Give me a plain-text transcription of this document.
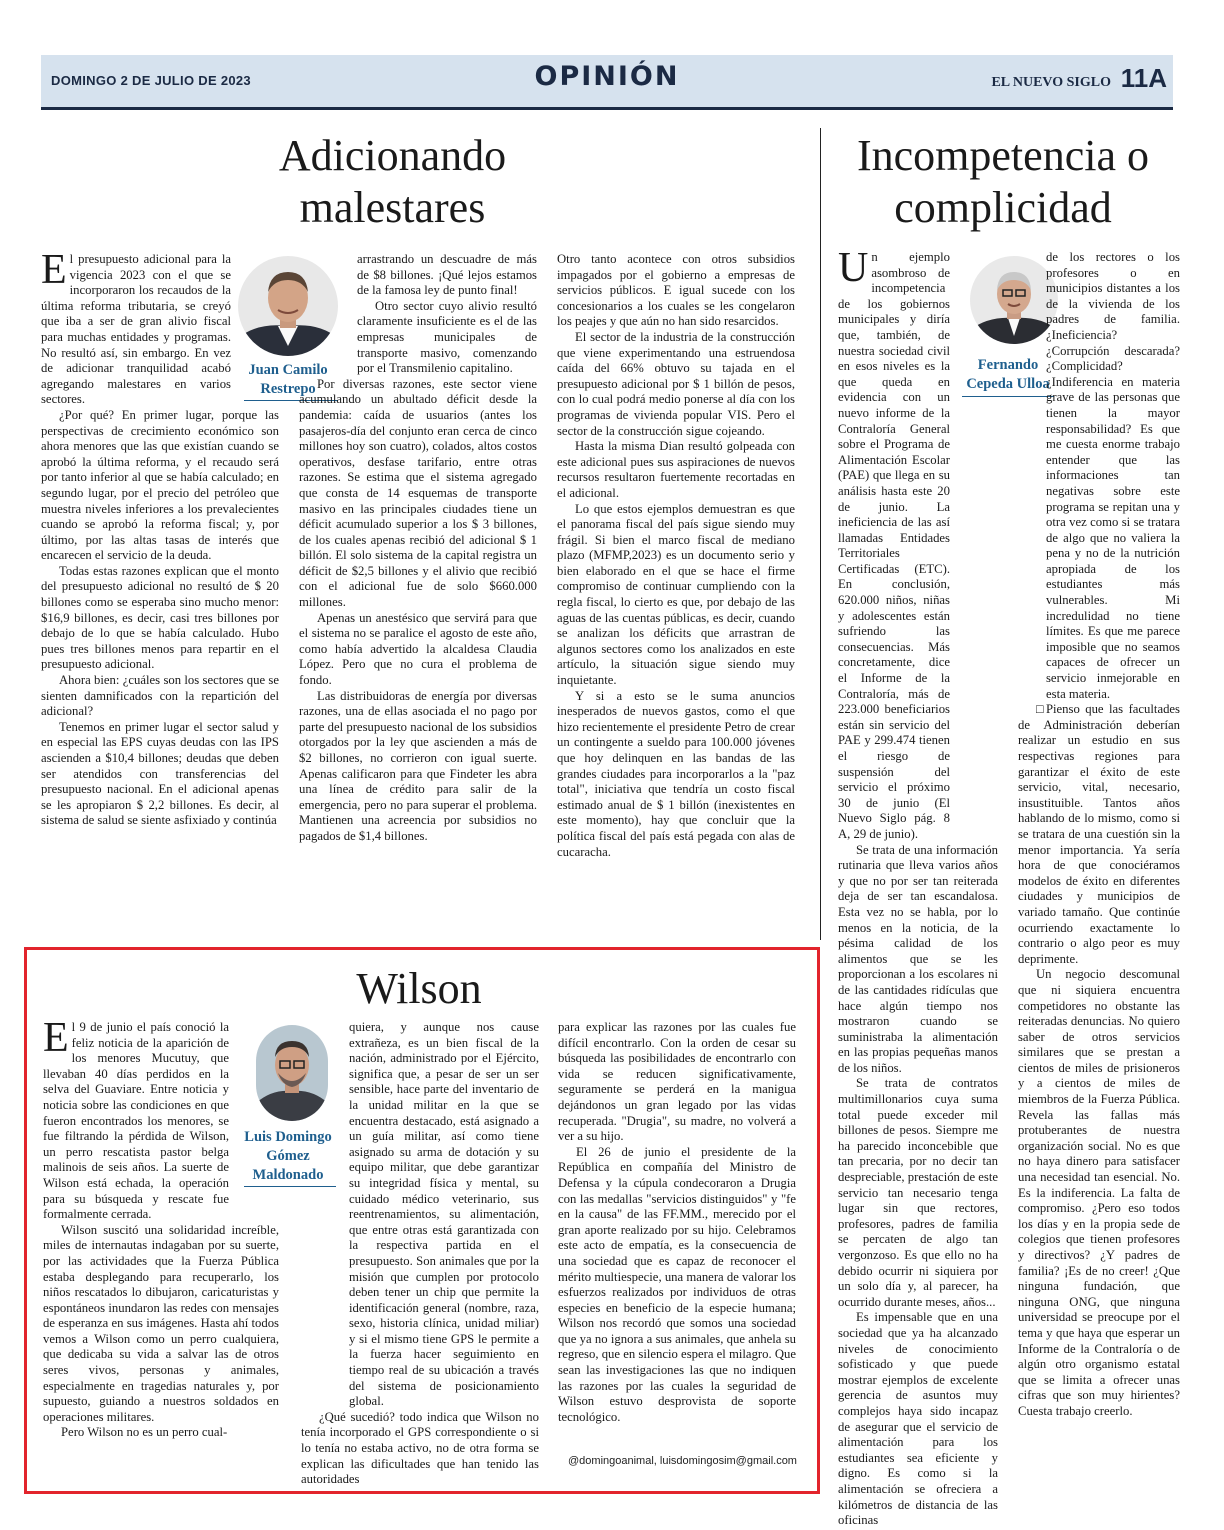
DOMINGO 2 DE JULIO DE 2023	OPINIÓN	EL NUEVO SIGLO 11A
Adicionando malestares
Juan Camilo Restrepo
E l presupuesto adicional para la vigencia 2023 con el que se incorporaron los recaudos de la última reforma tributaria, se creyó que iba a ser de gran alivio fiscal para muchas entidades y programas. No resultó así, sin embargo. En vez de adicionar tranquilidad acabó agregando malestares en varios sectores.

¿Por qué? En primer lugar, porque las perspectivas de crecimiento económico son ahora menores que las que existían cuando se aprobó la última reforma, y el recaudo será por tanto inferior al que se había calculado; en segundo lugar, por el precio del petróleo que muestra niveles inferiores a los prevalecientes cuando se aprobó la reforma fiscal; y, por último, por las altas tasas de interés que encarecen el servicio de la deuda.

Todas estas razones explican que el monto del presupuesto adicional no resultó de $ 20 billones como se esperaba sino mucho menor: $16,9 billones, es decir, casi tres billones por debajo de lo que se había calculado. Hubo pues tres billones menos para repartir en el presupuesto adicional.

Ahora bien: ¿cuáles son los sectores que se sienten damnificados con la repartición del adicional?

Tenemos en primer lugar el sector salud y en especial las EPS cuyas deudas con las IPS ascienden a $10,4 billones; deudas que deben ser atendidos con transferencias del presupuesto nacional. En el adicional apenas se les apropiaron $ 2,2 billones. Es decir, al sistema de salud se siente asfixiado y continúa

arrastrando un descuadre de más de $8 billones. ¡Qué lejos estamos de la famosa ley de punto final!

Otro sector cuyo alivio resultó claramente insuficiente es el de las empresas municipales de transporte masivo, comenzando por el Transmilenio capitalino.

Por diversas razones, este sector viene acumulando un abultado déficit desde la pandemia: caída de usuarios (antes los pasajeros-día del conjunto eran cerca de cinco millones hoy son cuatro), colados, altos costos operativos, desfase tarifario, entre otras razones. Se estima que el sistema agregado que consta de 14 esquemas de transporte masivo en las principales ciudades tiene un déficit acumulado superior a los $ 3 billones, de los cuales apenas recibió del adicional $ 1 billón. El solo sistema de la capital registra un déficit de $2,5 billones y el alivio que recibió con el adicional fue de solo $660.000 millones.

Apenas un anestésico que servirá para que el sistema no se paralice el agosto de este año, como había advertido la alcaldesa Claudia López. Pero que no cura el problema de fondo.

Las distribuidoras de energía por diversas razones, una de ellas asociada el no pago por parte del presupuesto nacional de los subsidios otorgados por la ley que ascienden a más de $2 billones, no corrieron con igual suerte. Apenas calificaron para que Findeter les abra una línea de crédito para salir de la emergencia, pero no para superar el problema. Mantienen una acreencia por subsidios no pagados de $1,4 billones.

Otro tanto acontece con otros subsidios impagados por el gobierno a empresas de servicios públicos. E igual sucede con los concesionarios a los cuales se les congelaron los peajes y que aún no han sido resarcidos.

El sector de la industria de la construcción que viene experimentando una estruendosa caída del 66% obtuvo su tajada en el presupuesto adicional por $ 1 billón de pesos, con lo cual podrá medio ponerse al día con los programas de vivienda popular VIS. Pero el sector de la construcción sigue cojeando.

Hasta la misma Dian resultó golpeada con este adicional pues sus aspiraciones de nuevos recursos resultaron fuertemente recortadas en el adicional.

Lo que estos ejemplos demuestran es que el panorama fiscal del país sigue siendo muy frágil. Si bien el marco fiscal de mediano plazo (MFMP,2023) es un documento serio y bien elaborado en el que se hace el firme compromiso de continuar cumpliendo con la regla fiscal, lo cierto es que, por debajo de las aguas de las cuentas públicas, es decir, cuando se analizan los déficits que arrastran de algunos sectores como los analizados en este artículo, la situación sigue siendo muy inquietante.

Y si a esto se le suma anuncios inesperados de nuevos gastos, como el que hizo recientemente el presidente Petro de crear un contingente a sueldo para 100.000 jóvenes que hoy delinquen en las bandas de las grandes ciudades para incorporarlos a la "paz total", iniciativa que tendría un costo fiscal estimado anual de $ 1 billón (inexistentes en este momento), hay que concluir que la política fiscal del país está pegada con alas de cucaracha.

Incompetencia o complicidad
Fernando Cepeda Ulloa
U n ejemplo asombroso de incompetencia de los gobiernos municipales y diría que, también, de nuestra sociedad civil en esos niveles es la que queda en evidencia con un nuevo informe de la Contraloría General sobre el Programa de Alimentación Escolar (PAE) que llega en su análisis hasta este 20 de junio. La ineficiencia de las así llamadas Entidades Territoriales Certificadas (ETC). En conclusión, 620.000 niños, niñas y adolescentes están sufriendo las consecuencias. Más concretamente, dice el Informe de la Contraloría, más de 223.000 beneficiarios están sin servicio del PAE y 299.474 tienen el riesgo de suspensión del servicio el próximo 30 de junio (El Nuevo Siglo pág. 8 A, 29 de junio).

Se trata de una información rutinaria que lleva varios años y que no por ser tan reiterada deja de ser tan escandalosa. Esta vez no se habla, por lo menos en la noticia, de la pésima calidad de los alimentos que se les proporcionan a los escolares ni de las cantidades ridículas que hace algún tiempo nos mostraron cuando se suministraba la alimentación en las propias pequeñas manos de los niños.

Se trata de contratos multimillonarios cuya suma total puede exceder mil billones de pesos. Siempre me ha parecido inconcebible que tan precaria, por no decir tan despreciable, prestación de este servicio tan necesario tenga lugar sin que rectores, profesores, padres de familia se percaten de algo tan vergonzoso. Es que ello no ha debido ocurrir ni siquiera por un solo día y, al parecer, ha ocurrido durante meses, años...

Es impensable que en una sociedad que ya ha alcanzado niveles de conocimiento sofisticado y que puede mostrar ejemplos de excelente gerencia de asuntos muy complejos haya sido incapaz de asegurar que el servicio de alimentación para los estudiantes sea eficiente y digno. Es como si la alimentación se ofreciera a kilómetros de distancia de las oficinas

de los rectores o los profesores o en municipios distantes a los de la vivienda de los padres de familia. ¿Ineficiencia? ¿Corrupción descarada? ¿Complicidad? ¿Indiferencia en materia grave de las personas que tienen la mayor responsabilidad? Es que me cuesta enorme trabajo entender que las informaciones tan negativas sobre este programa se repitan una y otra vez como si se tratara de algo que no valiera la pena y no de la nutrición apropiada de los estudiantes más vulnerables. Mi incredulidad no tiene límites. Es que me parece imposible que no seamos capaces de ofrecer un servicio inmejorable en esta materia.

□Pienso que las facultades de Administración deberían realizar un estudio en sus respectivas regiones para garantizar el éxito de este servicio, vital, necesario, insustituible. Tantos años hablando de lo mismo, como si se tratara de una cuestión sin la menor importancia. Ya sería hora de que conociéramos modelos de éxito en diferentes ciudades y municipios de variado tamaño. Que continúe ocurriendo exactamente lo contrario o algo peor es muy deprimente.

Un negocio descomunal que ni siquiera encuentra competidores no obstante las reiteradas denuncias. No quiero saber de otros servicios similares que se prestan a cientos de miles de prisioneros y a cientos de miles de miembros de la Fuerza Pública. Revela las fallas más protuberantes de nuestra organización social. No es que no haya dinero para satisfacer una necesidad tan esencial. No. Es la indiferencia. La falta de compromiso. ¿Pero eso todos los días y en la propia sede de colegios que tienen profesores y directivos? ¿Y padres de familia? ¡Es de no creer! ¿Que ninguna fundación, que ninguna ONG, que ninguna universidad se preocupe por el tema y que haya que esperar un Informe de la Contraloría o de algún otro organismo estatal que se limita a ofrecer unas cifras que son muy hirientes? Cuesta trabajo creerlo.

Wilson
Luis Domingo Gómez Maldonado
E l 9 de junio el país conoció la feliz noticia de la aparición de los menores Mucutuy, que llevaban 40 días perdidos en la selva del Guaviare. Entre noticia y noticia sobre las condiciones en que fueron encontrados los menores, se fue filtrando la pérdida de Wilson, un perro rescatista pastor belga malinois de seis años. La suerte de Wilson está echada, la operación para su búsqueda y rescate fue formalmente cerrada.

Wilson suscitó una solidaridad increíble, miles de internautas indagaban por su suerte, por las actividades que la Fuerza Pública estaba desplegando para recuperarlo, los niños rescatados lo dibujaron, caricaturistas y espontáneos inundaron las redes con mensajes de esperanza en sus imágenes. Hasta ahí todos vemos a Wilson como un perro cualquiera, que dedicaba su vida a salvar las de otros seres vivos, personas y animales, especialmente en tragedias naturales y, por supuesto, guiando a nuestros soldados en operaciones militares.

Pero Wilson no es un perro cual-

quiera, y aunque nos cause extrañeza, es un bien fiscal de la nación, administrado por el Ejército, significa que, a pesar de ser un ser sensible, hace parte del inventario de la unidad militar en la que se encuentra destacado, está asignado a un guía militar, así como tiene asignado su arma de dotación y su equipo militar, que debe garantizar su integridad física y mental, su cuidado médico veterinario, sus reentrenamientos, su alimentación, que entre otras está garantizada con la respectiva partida en el presupuesto. Son animales que por la misión que cumplen por protocolo deben tener un chip que permite la identificación general (nombre, raza, sexo, historia clínica, unidad miliar) y si el mismo tiene GPS le permite a la fuerza hacer seguimiento en tiempo real de su ubicación a través del sistema de posicionamiento global.

¿Qué sucedió? todo indica que Wilson no tenía incorporado el GPS correspondiente o si lo tenía no estaba activo, no de otra forma se explican las dificultades que han tenido las autoridades

para explicar las razones por las cuales fue difícil encontrarlo. Con la orden de cesar su búsqueda las posibilidades de encontrarlo con vida se reducen significativamente, seguramente se perderá en la manigua dejándonos un gran legado por las vidas recuperada. "Drugia", su madre, no volverá a ver a su hijo.

El 26 de junio el presidente de la República en compañía del Ministro de Defensa y la cúpula condecoraron a Drugia con las medallas "servicios distinguidos" y "fe en la causa" de las FF.MM., merecido por el gran aporte realizado por su hijo. Celebramos este acto de empatía, es la consecuencia de una sociedad que es capaz de reconocer el mérito multiespecie, una manera de valorar los esfuerzos realizados por individuos de otras especies en beneficio de la especie humana; Wilson nos recordó que somos una sociedad que ya no ignora a sus animales, que anhela su regreso, que en silencio espera el milagro. Que sean las investigaciones las que no indiquen las razones por las cuales la seguridad de Wilson estuvo desprovista de soporte tecnológico.

@domingoanimal, luisdomingosim@gmail.com
